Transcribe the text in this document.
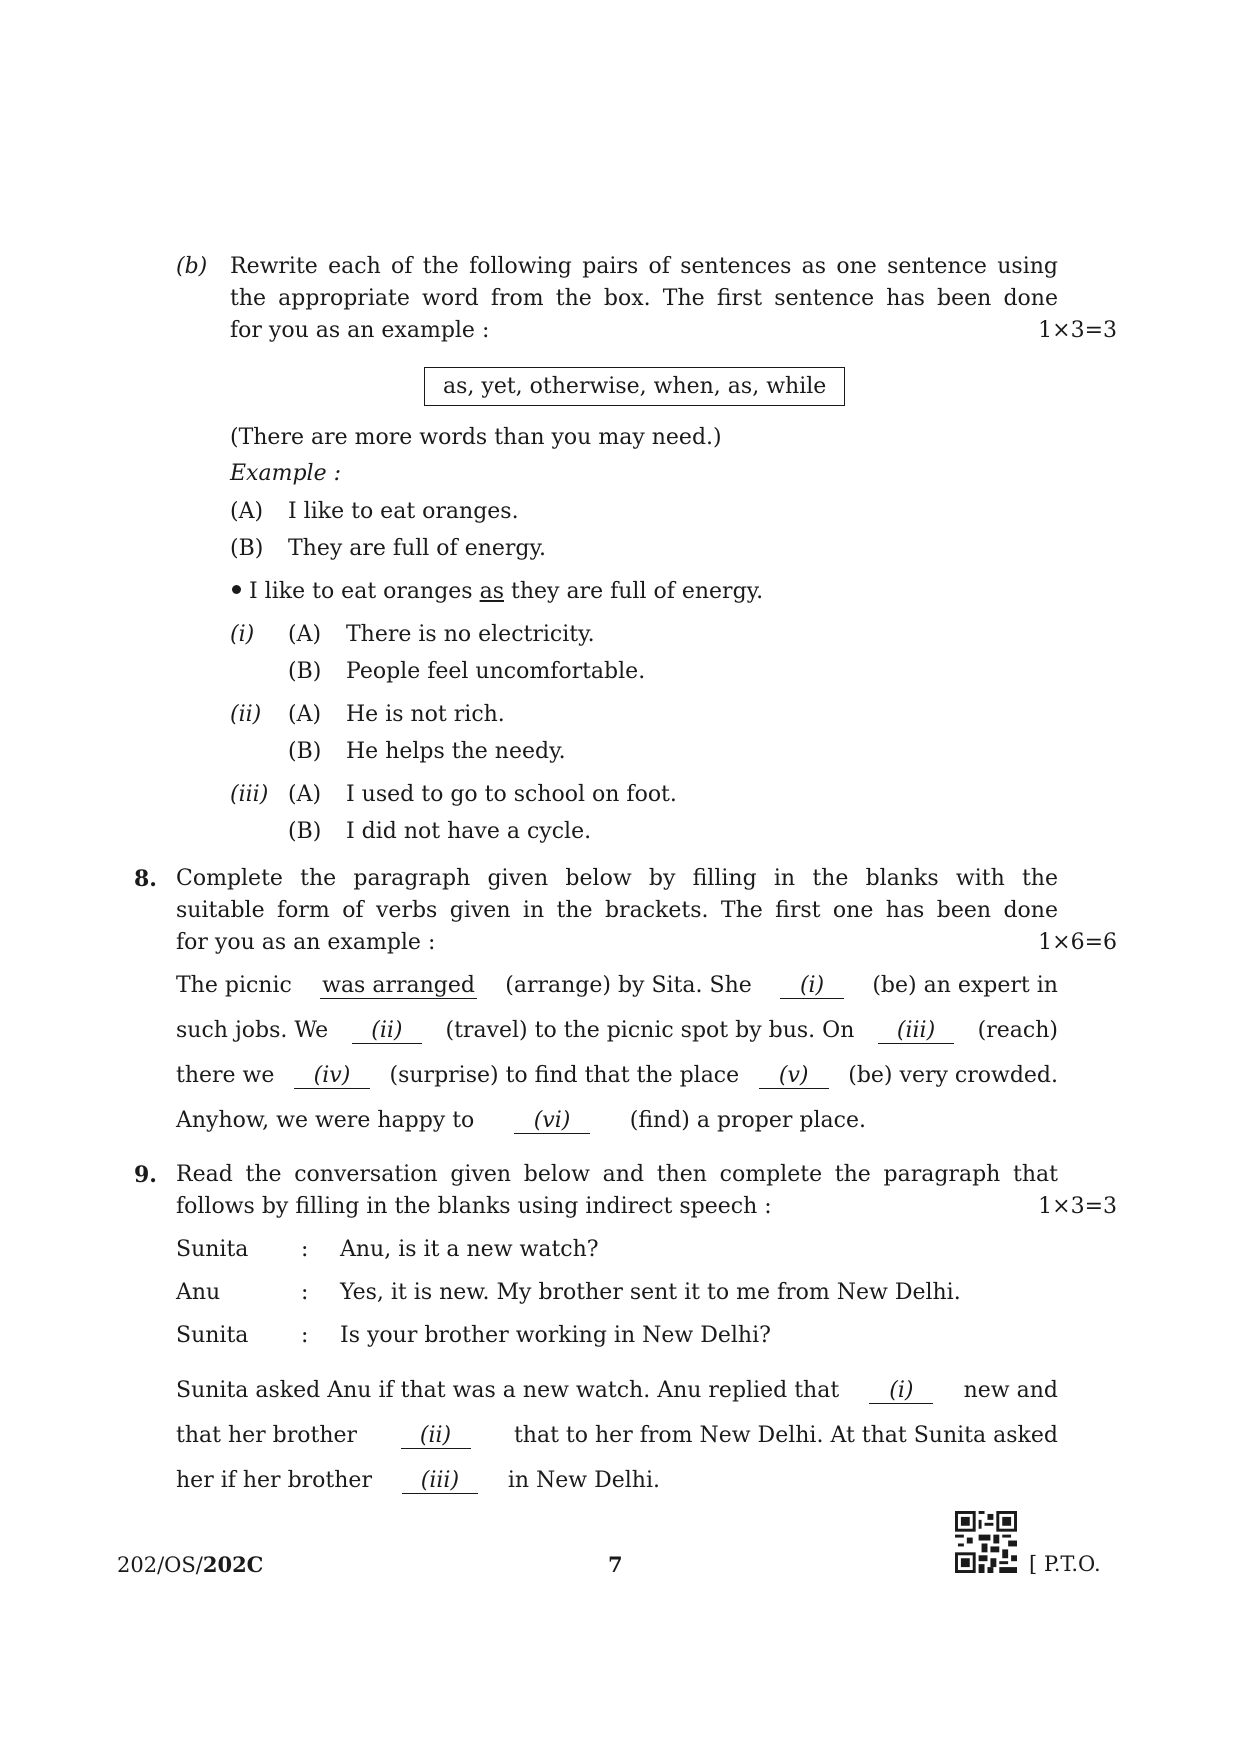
(b) Rewrite each of the following pairs of sentences as one sentence using
the appropriate word from the box. The first sentence has been done
for you as an example :	1×3=3
as, yet, otherwise, when, as, while
(There are more words than you may need.)
Example :
(A) I like to eat oranges.
(B) They are full of energy.
I like to eat oranges as they are full of energy.
(i) (A) There is no electricity.
(B) People feel uncomfortable.
(ii) (A) He is not rich.
(B) He helps the needy.
(iii) (A) I used to go to school on foot.
(B) I did not have a cycle.
8. Complete the paragraph given below by filling in the blanks with the
suitable form of verbs given in the brackets. The first one has been done
for you as an example :	1×6=6
The picnic was arranged (arrange) by Sita. She	(i)	(be) an expert in
such jobs. We	(ii)	(travel) to the picnic spot by bus. On	(iii)	(reach)
there we	(iv)	(surprise) to find that the place	(v)	(be) very crowded.
Anyhow, we were happy to	(vi)	(find) a proper place.
9. Read the conversation given below and then complete the paragraph that
follows by filling in the blanks using indirect speech :	1×3=3
Sunita : Anu, is it a new watch?
Anu	: Yes, it is new. My brother sent it to me from New Delhi.
Sunita : Is your brother working in New Delhi?
Sunita asked Anu if that was a new watch. Anu replied that	(i)	new and
that her brother	(ii)	that to her from New Delhi. At that Sunita asked
her if her brother	(iii)	in New Delhi.
202/OS/202C	7	[ P.T.O.
